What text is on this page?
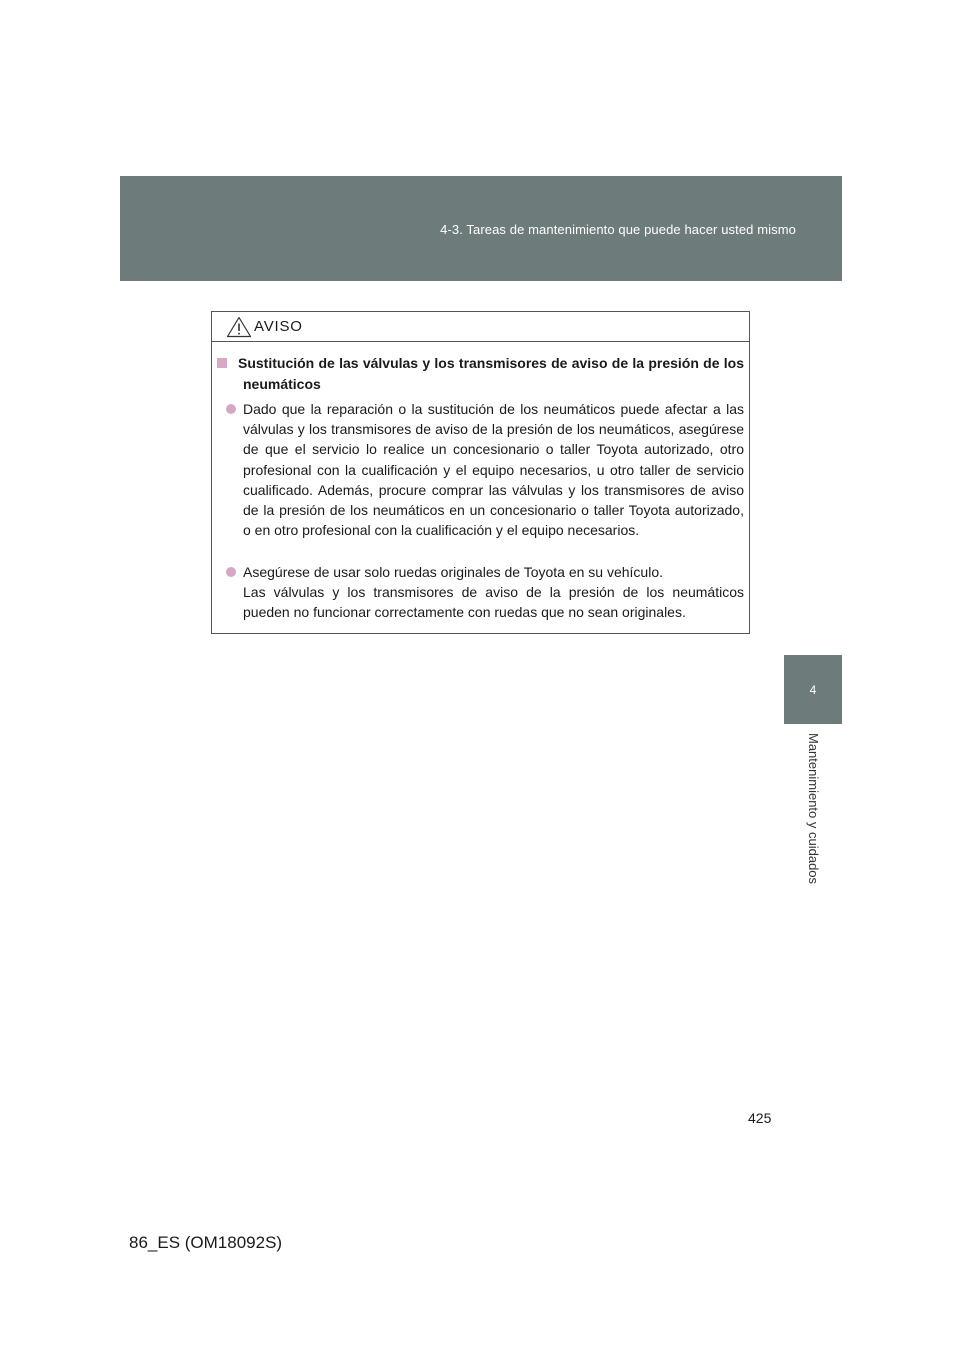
4-3. Tareas de mantenimiento que puede hacer usted mismo
4
Mantenimiento y cuidados
AVISO
Sustitución de las válvulas y los transmisores de aviso de la presión de los neumáticos
Dado que la reparación o la sustitución de los neumáticos puede afectar a las válvulas y los transmisores de aviso de la presión de los neumáticos, asegúrese de que el servicio lo realice un concesionario o taller Toyota autorizado, otro profesional con la cualificación y el equipo necesarios, u otro taller de servicio cualificado. Además, procure comprar las válvulas y los transmisores de aviso de la presión de los neumáticos en un concesionario o taller Toyota autorizado, o en otro profesional con la cualificación y el equipo necesarios.
Asegúrese de usar solo ruedas originales de Toyota en su vehículo.
Las válvulas y los transmisores de aviso de la presión de los neumáticos pueden no funcionar correctamente con ruedas que no sean originales.
425
86_ES (OM18092S)
